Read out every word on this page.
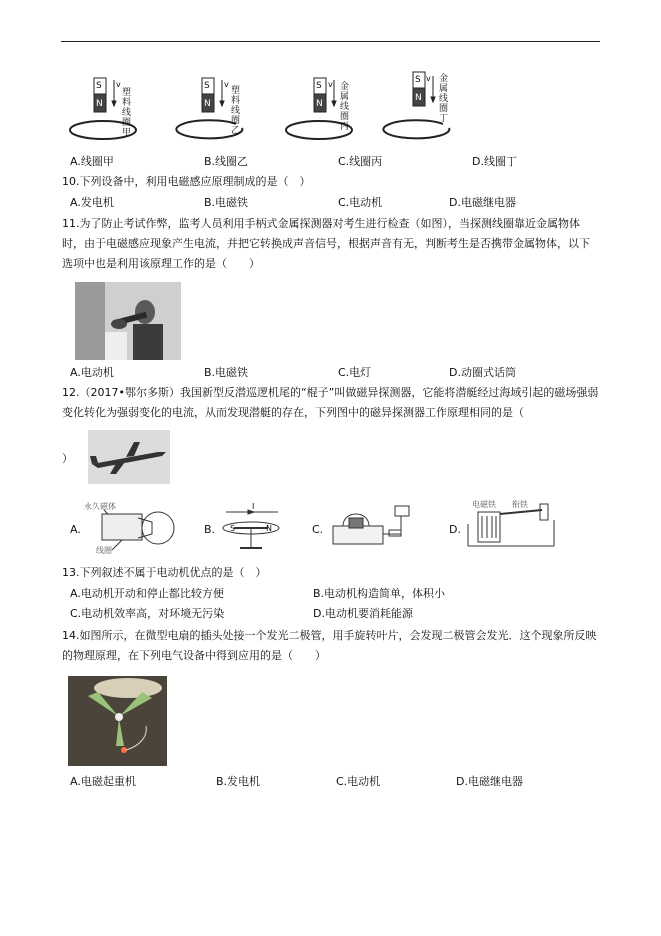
S
N
v
塑料线圈甲
S
N
v
塑料线圈乙
S
N
v 金属线圈丙
S
N
v 金属线圈丁
A.线圈甲	B.线圈乙	C.线圈丙	D.线圈丁
10.下列设备中，利用电磁感应原理制成的是（　）
A.发电机	B.电磁铁	C.电动机	D.电磁继电器
11.为了防止考试作弊，监考人员利用手柄式金属探测器对考生进行检查（如图），当探测线圈靠近金属物体时，由于电磁感应现象产生电流，并把它转换成声音信号，根据声音有无，判断考生是否携带金属物体，以下选项中也是利用该原理工作的是（　　）
A.电动机	B.电磁铁	C.电灯	D.动圈式话筒
12.（2017•鄂尔多斯）我国新型反潜巡逻机尾的“棍子”叫做磁异探测器，它能将潜艇经过海域引起的磁场强弱变化转化为强弱变化的电流，从而发现潜艇的存在，下列图中的磁异探测器工作原理相同的是（
）
A.
永久磁体
线圈
B.
I
S	N	C.	D.
电磁铁 衔铁
13.下列叙述不属于电动机优点的是（　）
A.电动机开动和停止都比较方便	B.电动机构造简单，体积小
C.电动机效率高，对环境无污染	D.电动机要消耗能源
14.如图所示，在微型电扇的插头处接一个发光二极管，用手旋转叶片，会发现二极管会发光．这个现象所反映的物理原理，在下列电气设备中得到应用的是（　　）
A.电磁起重机	B.发电机	C.电动机	D.电磁继电器
